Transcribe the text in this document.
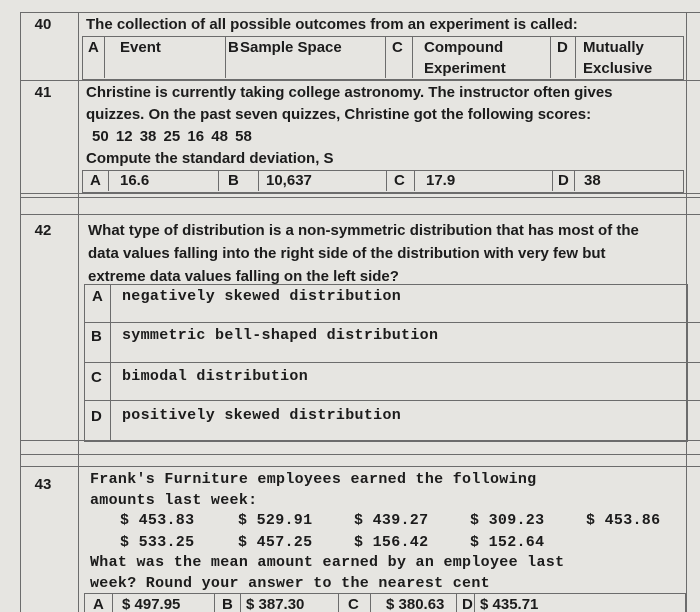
40	The collection of all possible outcomes from an experiment is called:
A Event	B Sample Space	C Compound
Experiment
D Mutually
Exclusive
41	Christine is currently taking college astronomy. The instructor often gives
quizzes. On the past seven quizzes, Christine got the following scores:
50 12 38 25 16 48 58
Compute the standard deviation, S
A 16.6	B 10,637	C 17.9	D 38
42	What type of distribution is a non-symmetric distribution that has most of the
data values falling into the right side of the distribution with very few but
extreme data values falling on the left side?
A negatively skewed distribution
B symmetric bell-shaped distribution
C bimodal distribution
D positively skewed distribution
43	Frank's Furniture employees earned the following
amounts last week:
$ 453.83	$ 529.91	$ 439.27	$ 309.23	$ 453.86
$ 533.25	$ 457.25	$ 156.42	$ 152.64
What was the mean amount earned by an employee last
week? Round your answer to the nearest cent
A $ 497.95	B $ 387.30	C $ 380.63 D $ 435.71
